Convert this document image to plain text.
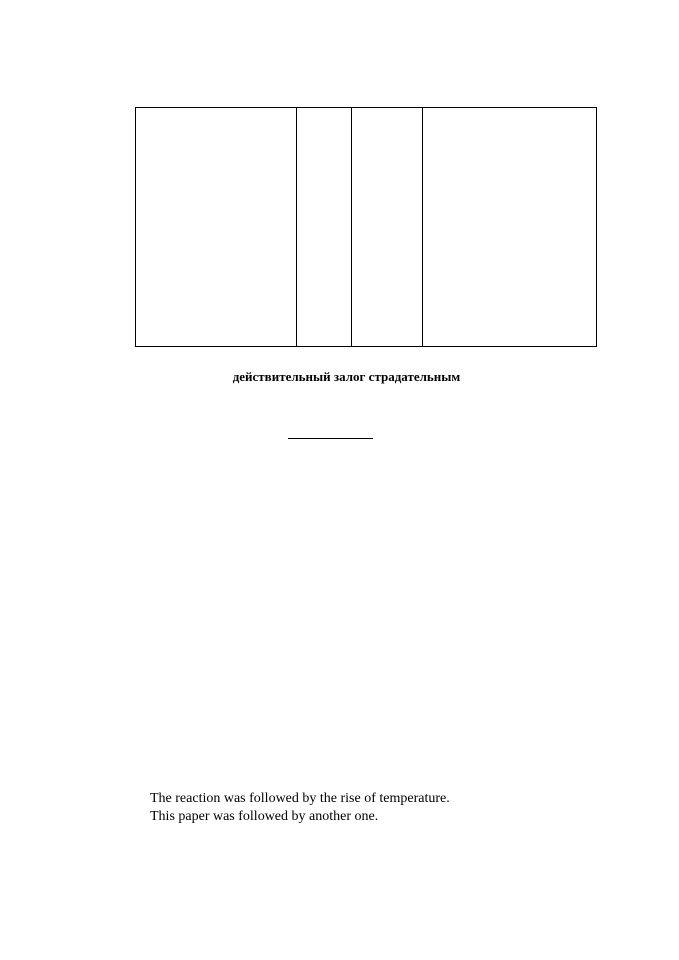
действительный залог страдательным
The reaction was followed by the rise of temperature.
This paper was followed by another one.
